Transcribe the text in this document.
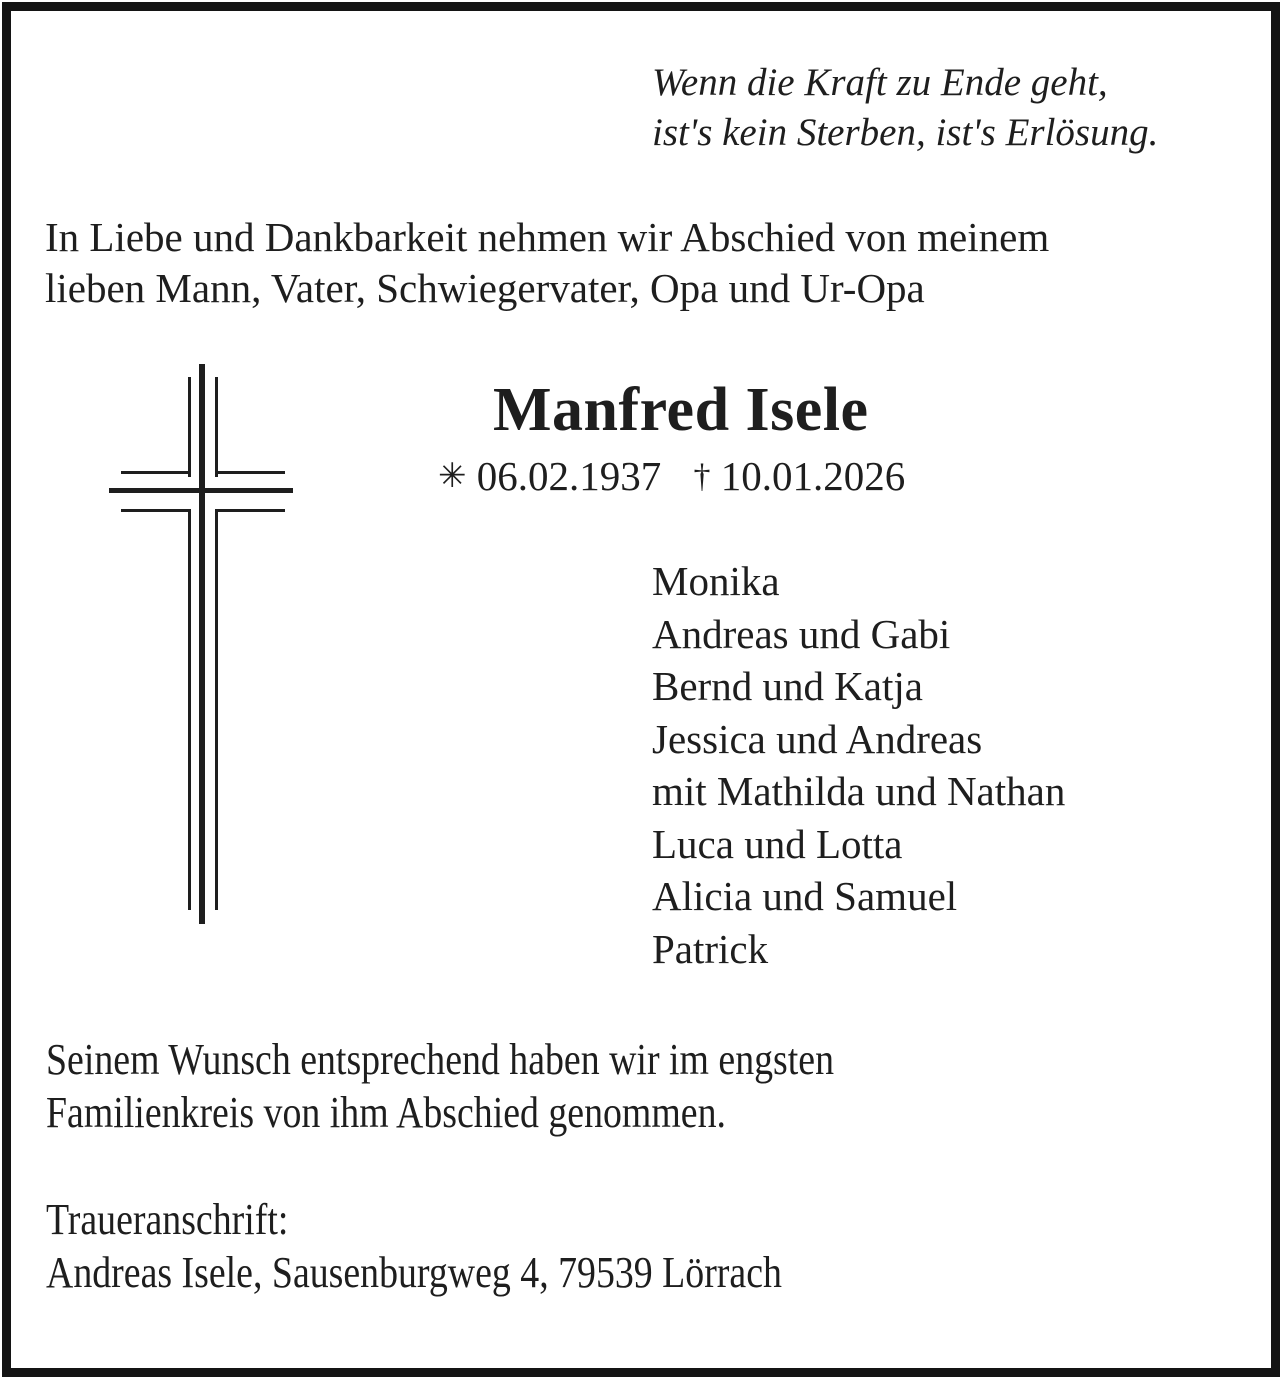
Wenn die Kraft zu Ende geht,
ist's kein Sterben, ist's Erlösung.
In Liebe und Dankbarkeit nehmen wir Abschied von meinem
lieben Mann, Vater, Schwiegervater, Opa und Ur-Opa
Manfred Isele
✳ 06.02.1937 † 10.01.2026
Monika
Andreas und Gabi
Bernd und Katja
Jessica und Andreas
mit Mathilda und Nathan
Luca und Lotta
Alicia und Samuel
Patrick
Seinem Wunsch entsprechend haben wir im engsten
Familienkreis von ihm Abschied genommen.
Traueranschrift:
Andreas Isele, Sausenburgweg 4, 79539 Lörrach
